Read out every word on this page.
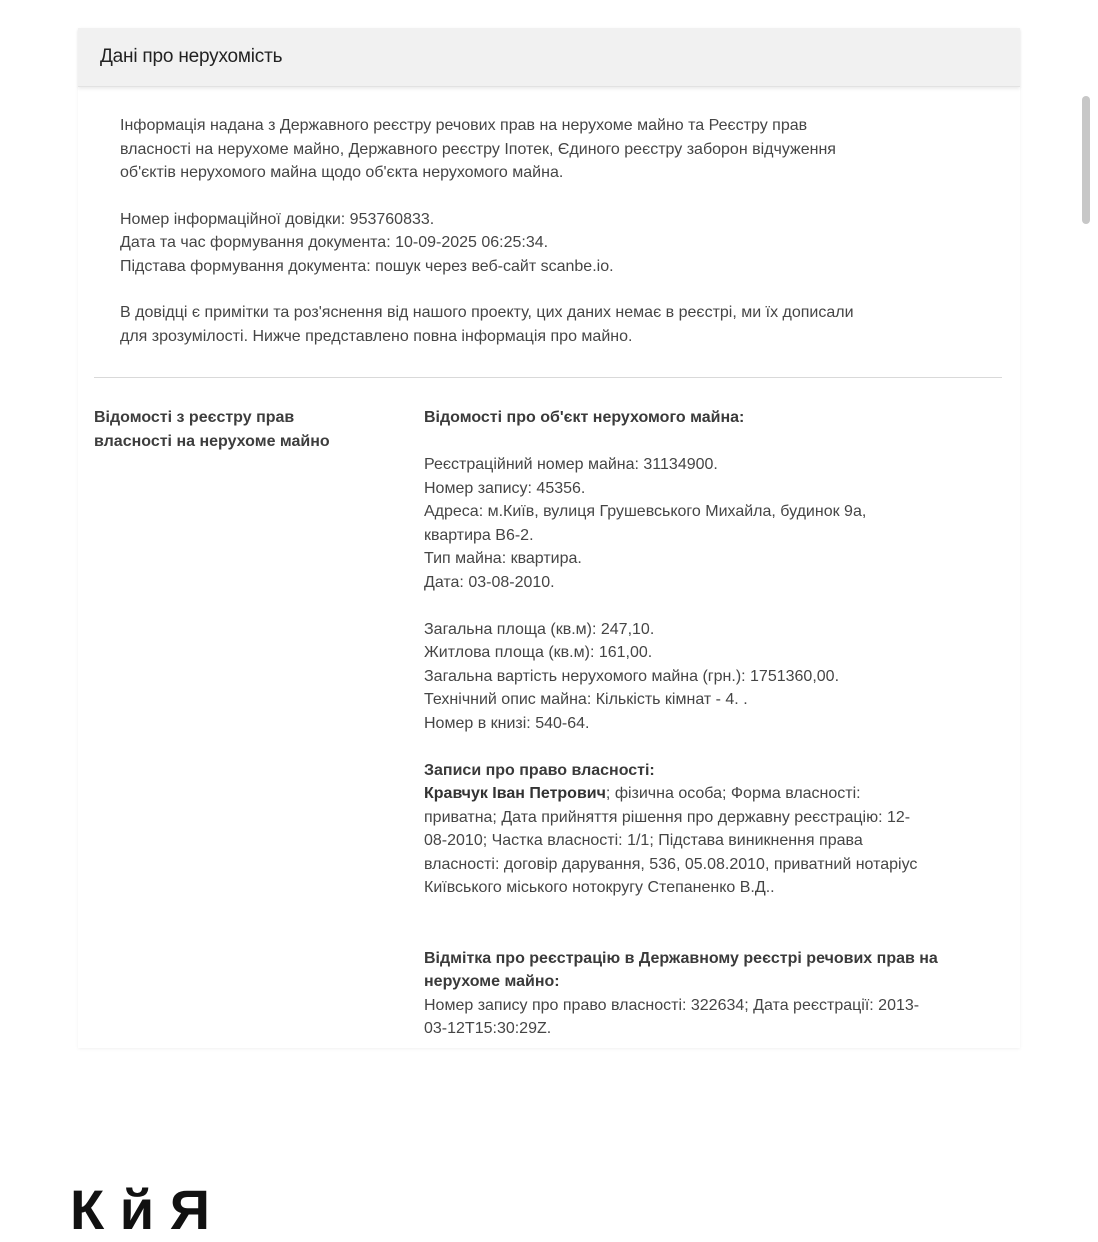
Дані про нерухомість

Інформація надана з Державного реєстру речових прав на нерухоме майно та Реєстру прав
власності на нерухоме майно, Державного реєстру Іпотек, Єдиного реєстру заборон відчуження
об'єктів нерухомого майна щодо об'єкта нерухомого майна.

Номер інформаційної довідки: 953760833.
Дата та час формування документа: 10-09-2025 06:25:34.
Підстава формування документа: пошук через веб-сайт scanbe.io.

В довідці є примітки та роз'яснення від нашого проекту, цих даних немає в реєстрі, ми їх дописали
для зрозумілості. Нижче представлено повна інформація про майно.

Відомості з реєстру прав
власності на нерухоме майно
Відомості про об'єкт нерухомого майна:
Реєстраційний номер майна: 31134900.
Номер запису: 45356.
Адреса: м.Київ, вулиця Грушевського Михайла, будинок 9а,
квартира В6-2.
Тип майна: квартира.
Дата: 03-08-2010.
Загальна площа (кв.м): 247,10.
Житлова площа (кв.м): 161,00.
Загальна вартість нерухомого майна (грн.): 1751360,00.
Технічний опис майна: Кількість кімнат - 4. .
Номер в книзі: 540-64.
Записи про право власності:
Кравчук Іван Петрович; фізична особа; Форма власності:
приватна; Дата прийняття рішення про державну реєстрацію: 12-
08-2010; Частка власності: 1/1; Підстава виникнення права
власності: договір дарування, 536, 05.08.2010, приватний нотаріус
Київського міського нотокругу Степаненко В.Д..
Відмітка про реєстрацію в Державному реєстрі речових прав на
нерухоме майно:
Номер запису про право власності: 322634; Дата реєстрації: 2013-
03-12T15:30:29Z.
К й Я
